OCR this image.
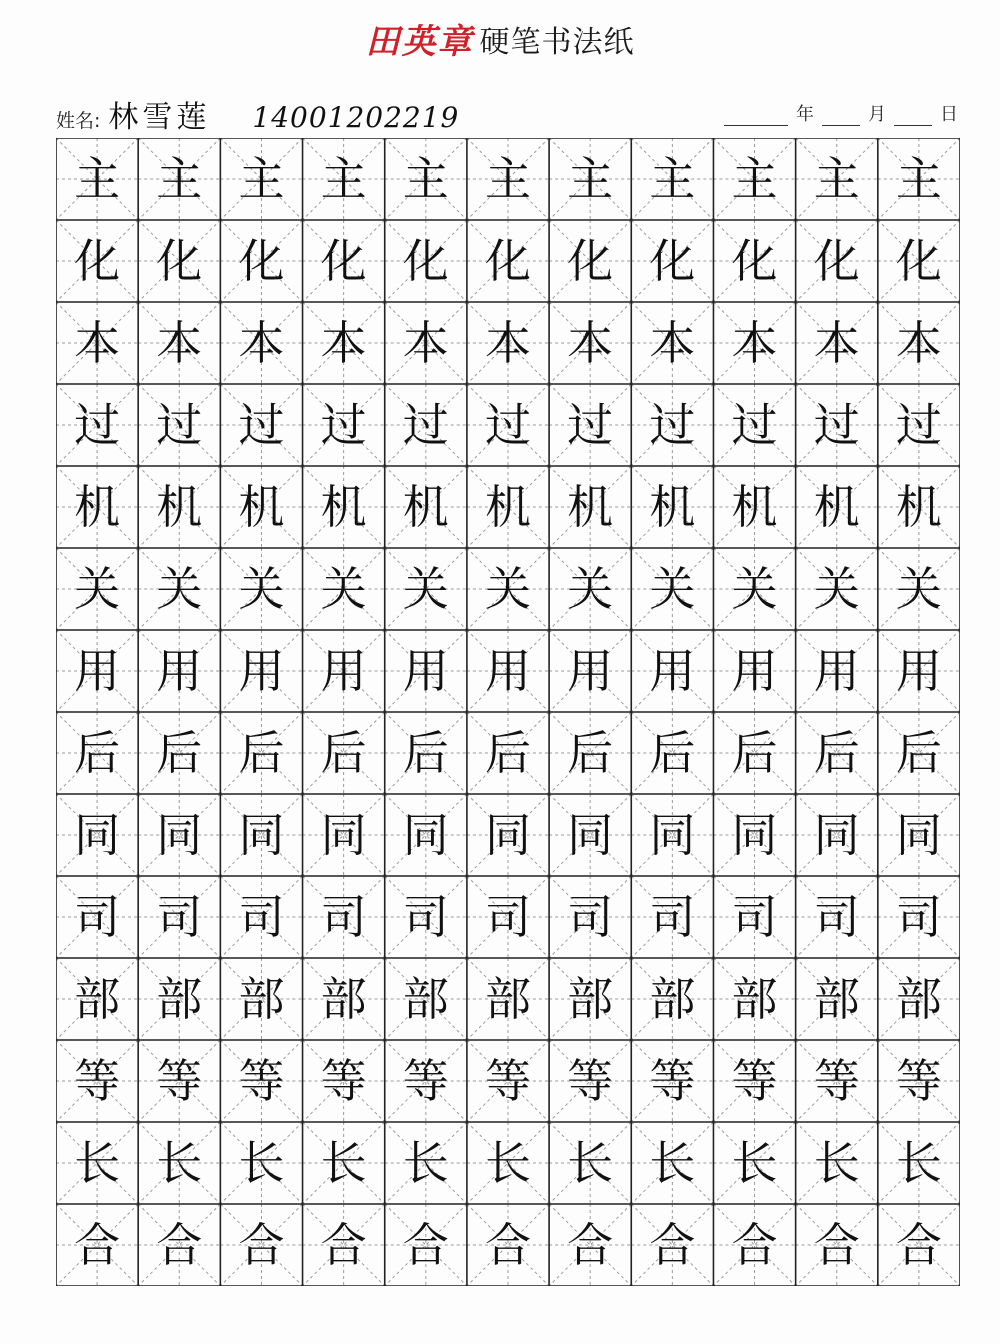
田英章 硬笔书法纸
姓名: 林雪莲 14001202219	年	月	日
主 主 主 主 主 主 主 主 主 主 主
化 化 化 化 化 化 化 化 化 化 化
本 本 本 本 本 本 本 本 本 本 本
过 过 过 过 过 过 过 过 过 过 过
机 机 机 机 机 机 机 机 机 机 机
关 关 关 关 关 关 关 关 关 关 关
用 用 用 用 用 用 用 用 用 用 用
后 后 后 后 后 后 后 后 后 后 后
同 同 同 同 同 同 同 同 同 同 同
司 司 司 司 司 司 司 司 司 司 司
部 部 部 部 部 部 部 部 部 部 部
等 等 等 等 等 等 等 等 等 等 等
长 长 长 长 长 长 长 长 长 长 长
合 合 合 合 合 合 合 合 合 合 合
